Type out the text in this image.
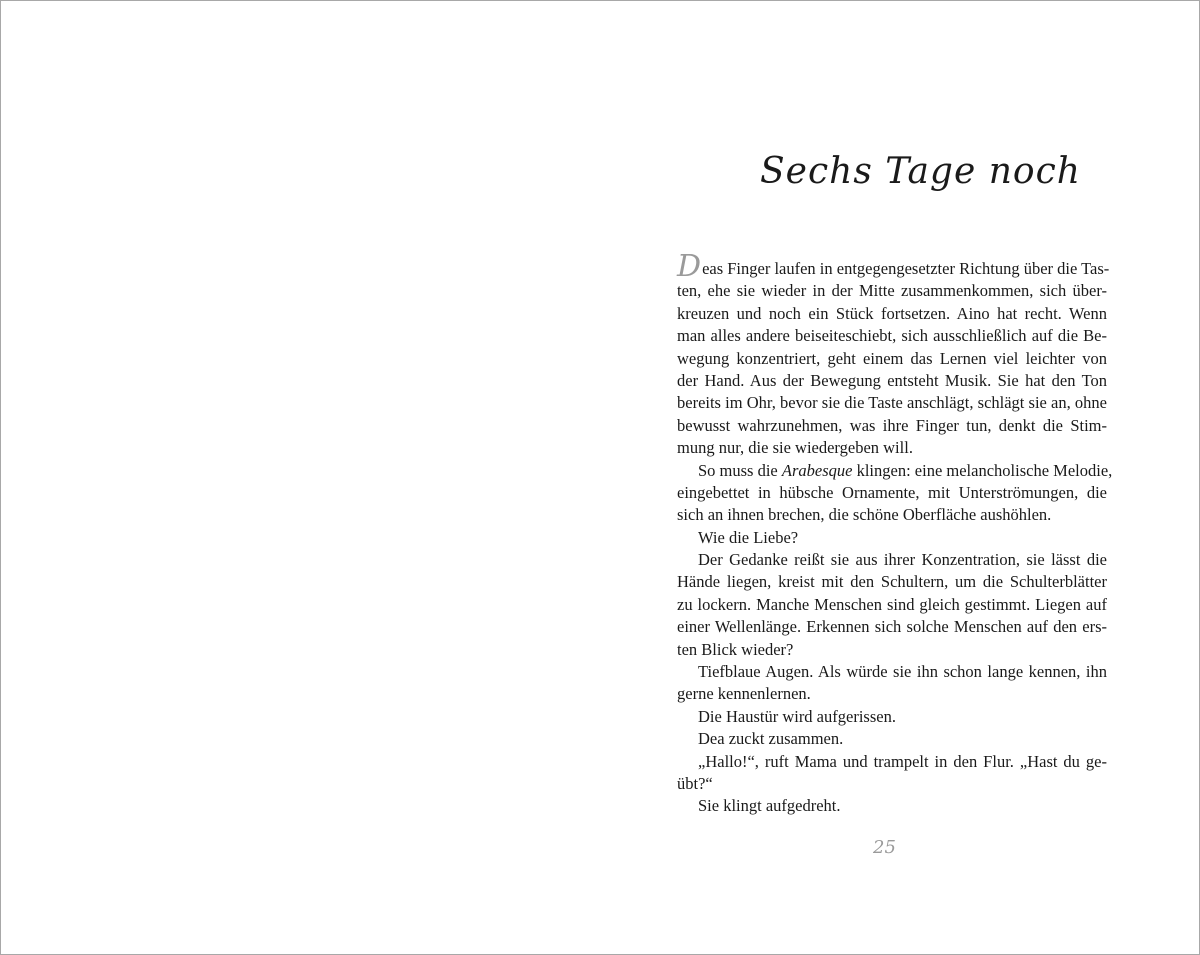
Sechs Tage noch
Deas Finger laufen in entgegengesetzter Richtung über die Tas-
ten, ehe sie wieder in der Mitte zusammenkommen, sich über-
kreuzen und noch ein Stück fortsetzen. Aino hat recht. Wenn
man alles andere beiseiteschiebt, sich ausschließlich auf die Be-
wegung konzentriert, geht einem das Lernen viel leichter von
der Hand. Aus der Bewegung entsteht Musik. Sie hat den Ton
bereits im Ohr, bevor sie die Taste anschlägt, schlägt sie an, ohne
bewusst wahrzunehmen, was ihre Finger tun, denkt die Stim-
mung nur, die sie wiedergeben will.
So muss die Arabesque klingen: eine melancholische Melodie,
eingebettet in hübsche Ornamente, mit Unterströmungen, die
sich an ihnen brechen, die schöne Oberfläche aushöhlen.
Wie die Liebe?
Der Gedanke reißt sie aus ihrer Konzentration, sie lässt die
Hände liegen, kreist mit den Schultern, um die Schulterblätter
zu lockern. Manche Menschen sind gleich gestimmt. Liegen auf
einer Wellenlänge. Erkennen sich solche Menschen auf den ers-
ten Blick wieder?
Tiefblaue Augen. Als würde sie ihn schon lange kennen, ihn
gerne kennenlernen.
Die Haustür wird aufgerissen.
Dea zuckt zusammen.
„Hallo!“, ruft Mama und trampelt in den Flur. „Hast du ge-
übt?“
Sie klingt aufgedreht.

25
